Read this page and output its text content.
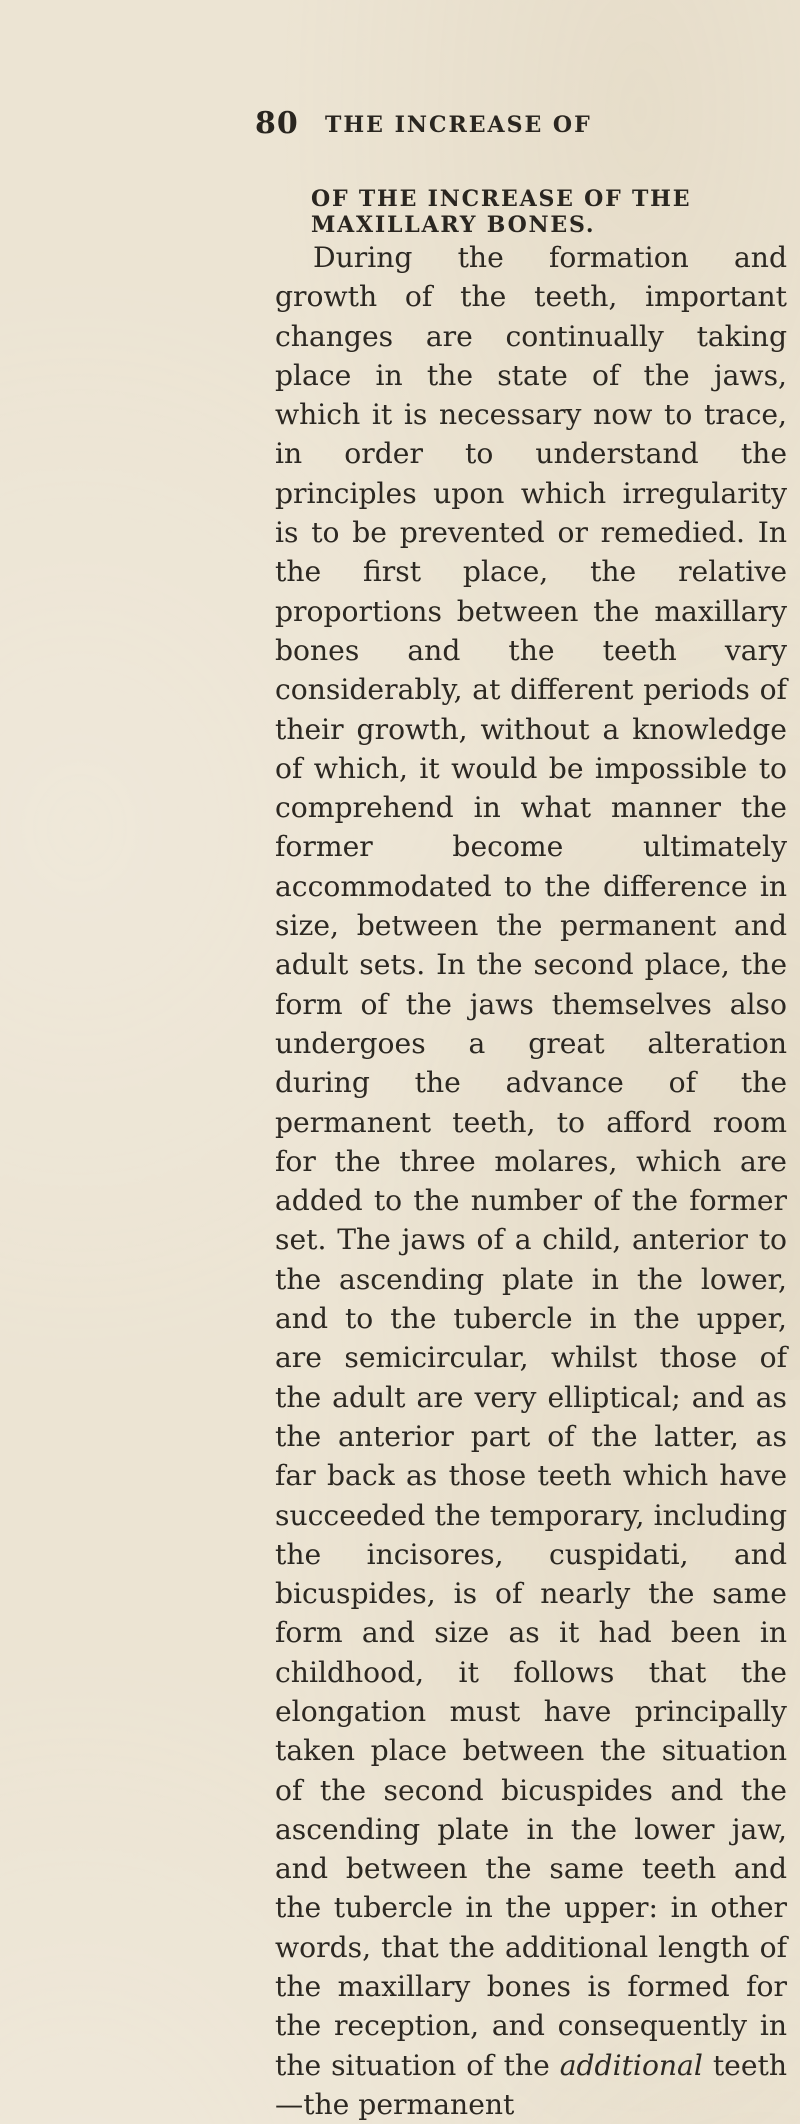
80 THE INCREASE OF
OF THE INCREASE OF THE MAXILLARY BONES.

During the formation and growth of the teeth, important changes are continually taking place in the state of the jaws, which it is necessary now to trace, in order to understand the principles upon which irregularity is to be prevented or remedied. In the first place, the relative proportions between the maxillary bones and the teeth vary considerably, at different periods of their growth, without a knowledge of which, it would be impossible to comprehend in what manner the former become ultimately accommodated to the difference in size, between the permanent and adult sets. In the second place, the form of the jaws themselves also undergoes a great alteration during the advance of the permanent teeth, to afford room for the three molares, which are added to the number of the former set. The jaws of a child, anterior to the ascending plate in the lower, and to the tubercle in the upper, are semicircular, whilst those of the adult are very elliptical; and as the anterior part of the latter, as far back as those teeth which have succeeded the temporary, including the incisores, cuspidati, and bicuspides, is of nearly the same form and size as it had been in childhood, it follows that the elongation must have principally taken place between the situation of the second bicuspides and the ascending plate in the lower jaw, and between the same teeth and the tubercle in the upper: in other words, that the additional length of the maxillary bones is formed for the reception, and consequently in the situation of the additional teeth—the permanent
